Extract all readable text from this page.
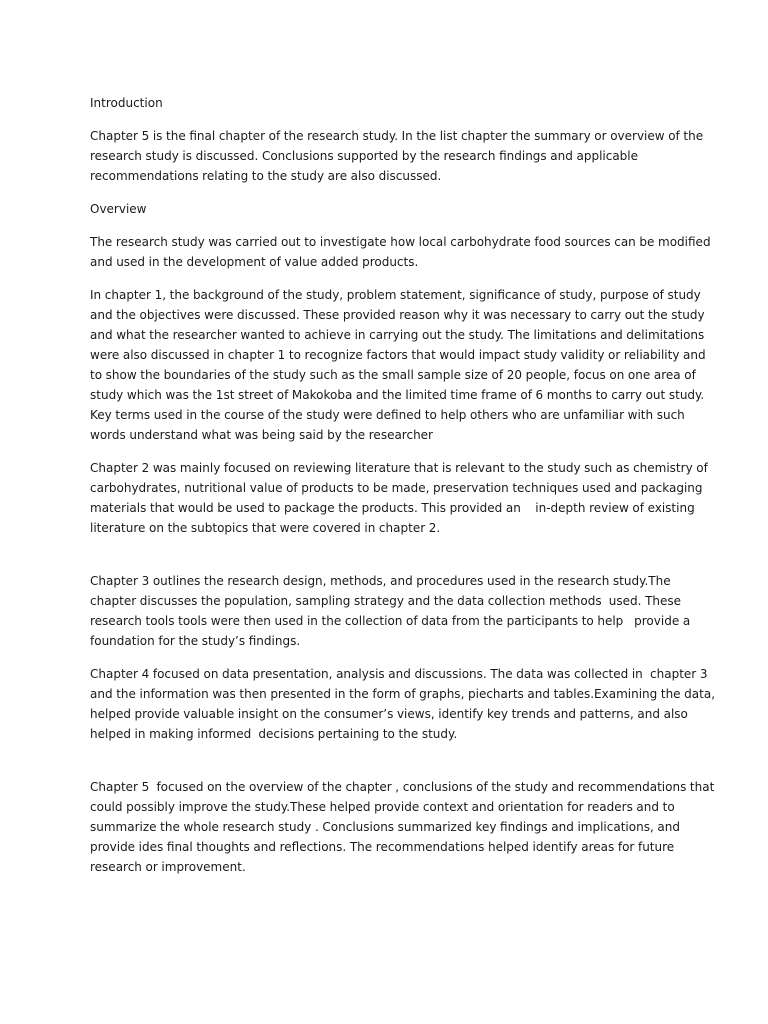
Introduction

Chapter 5 is the final chapter of the research study. In the list chapter the summary or overview of the
research study is discussed. Conclusions supported by the research findings and applicable
recommendations relating to the study are also discussed.

Overview

The research study was carried out to investigate how local carbohydrate food sources can be modified
and used in the development of value added products.

In chapter 1, the background of the study, problem statement, significance of study, purpose of study
and the objectives were discussed. These provided reason why it was necessary to carry out the study
and what the researcher wanted to achieve in carrying out the study. The limitations and delimitations
were also discussed in chapter 1 to recognize factors that would impact study validity or reliability and
to show the boundaries of the study such as the small sample size of 20 people, focus on one area of
study which was the 1st street of Makokoba and the limited time frame of 6 months to carry out study.
Key terms used in the course of the study were defined to help others who are unfamiliar with such
words understand what was being said by the researcher

Chapter 2 was mainly focused on reviewing literature that is relevant to the study such as chemistry of
carbohydrates, nutritional value of products to be made, preservation techniques used and packaging
materials that would be used to package the products. This provided an    in-depth review of existing
literature on the subtopics that were covered in chapter 2.

Chapter 3 outlines the research design, methods, and procedures used in the research study.The
chapter discusses the population, sampling strategy and the data collection methods  used. These
research tools tools were then used in the collection of data from the participants to help   provide a
foundation for the study’s findings.

Chapter 4 focused on data presentation, analysis and discussions. The data was collected in  chapter 3
and the information was then presented in the form of graphs, piecharts and tables.Examining the data,
helped provide valuable insight on the consumer’s views, identify key trends and patterns, and also
helped in making informed  decisions pertaining to the study.

Chapter 5  focused on the overview of the chapter , conclusions of the study and recommendations that
could possibly improve the study.These helped provide context and orientation for readers and to
summarize the whole research study . Conclusions summarized key findings and implications, and
provide ides final thoughts and reflections. The recommendations helped identify areas for future
research or improvement.
